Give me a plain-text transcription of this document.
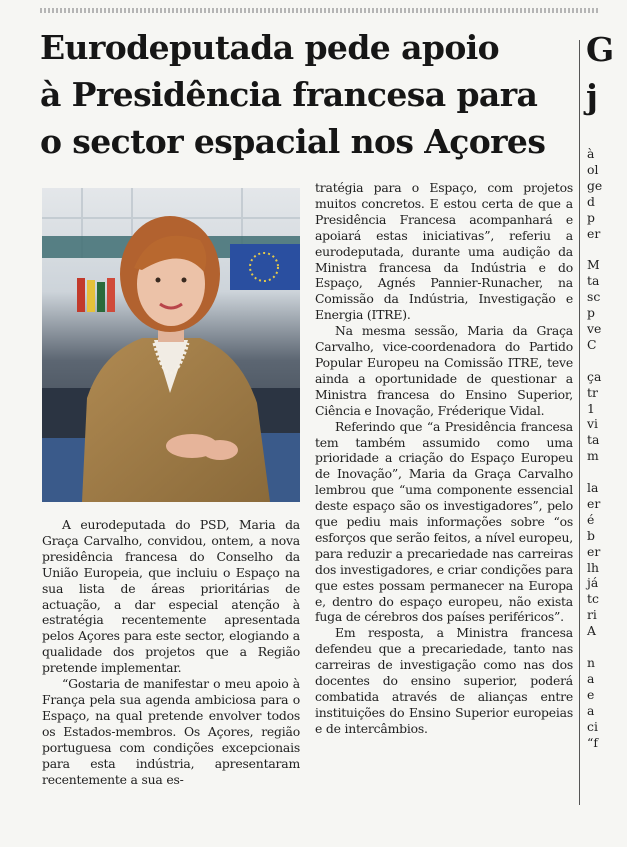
Eurodeputada pede apoio
à Presidência francesa para
o sector espacial nos Açores

A eurodeputada do PSD, Maria da Graça Carvalho, convidou, ontem, a nova presidência francesa do Conselho da União Europeia, que incluiu o Espaço na sua lista de áreas prioritárias de actuação, a dar especial atenção à estratégia recentemente apresentada pelos Açores para este sector, elogiando a qualidade dos projetos que a Região pretende implementar.

“Gostaria de manifestar o meu apoio à França pela sua agenda ambiciosa para o Espaço, na qual pretende envolver todos os Estados-membros. Os Açores, região portuguesa com condições excepcionais para esta indústria, apresentaram recentemente a sua es-

tratégia para o Espaço, com projetos muitos concretos. E estou certa de que a Presidência Francesa acompanhará e apoiará estas iniciativas”, referiu a eurodeputada, durante uma audição da Ministra francesa da Indústria e do Espaço, Agnés Pannier-Runacher, na Comissão da Indústria, Investigação e Energia (ITRE).

Na mesma sessão, Maria da Graça Carvalho, vice-coordenadora do Partido Popular Europeu na Comissão ITRE, teve ainda a oportunidade de questionar a Ministra francesa do Ensino Superior, Ciência e Inovação, Fréderique Vidal.

Referindo que “a Presidência francesa tem também assumido como uma prioridade a criação do Espaço Europeu de Inovação”, Maria da Graça Carvalho lembrou que “uma componente essencial deste espaço são os investigadores”, pelo que pediu mais informações sobre “os esforços que serão feitos, a nível europeu, para reduzir a precariedade nas carreiras dos investigadores, e criar condições para que estes possam permanecer na Europa e, dentro do espaço europeu, não exista fuga de cérebros dos países periféricos”.

Em resposta, a Ministra francesa defendeu que a precariedade, tanto nas carreiras de investigação como nas dos docentes do ensino superior, poderá combatida através de alianças entre instituições do Ensino Superior europeias e de intercâmbios.

G
j
à
ol
ge
d
p
er

M
ta
sc
p
ve
C

ça
tr
1
vi
ta
m

la
er
é
b
er
lh
já
tc
ri
A

n
a
e
a
ci
“f
